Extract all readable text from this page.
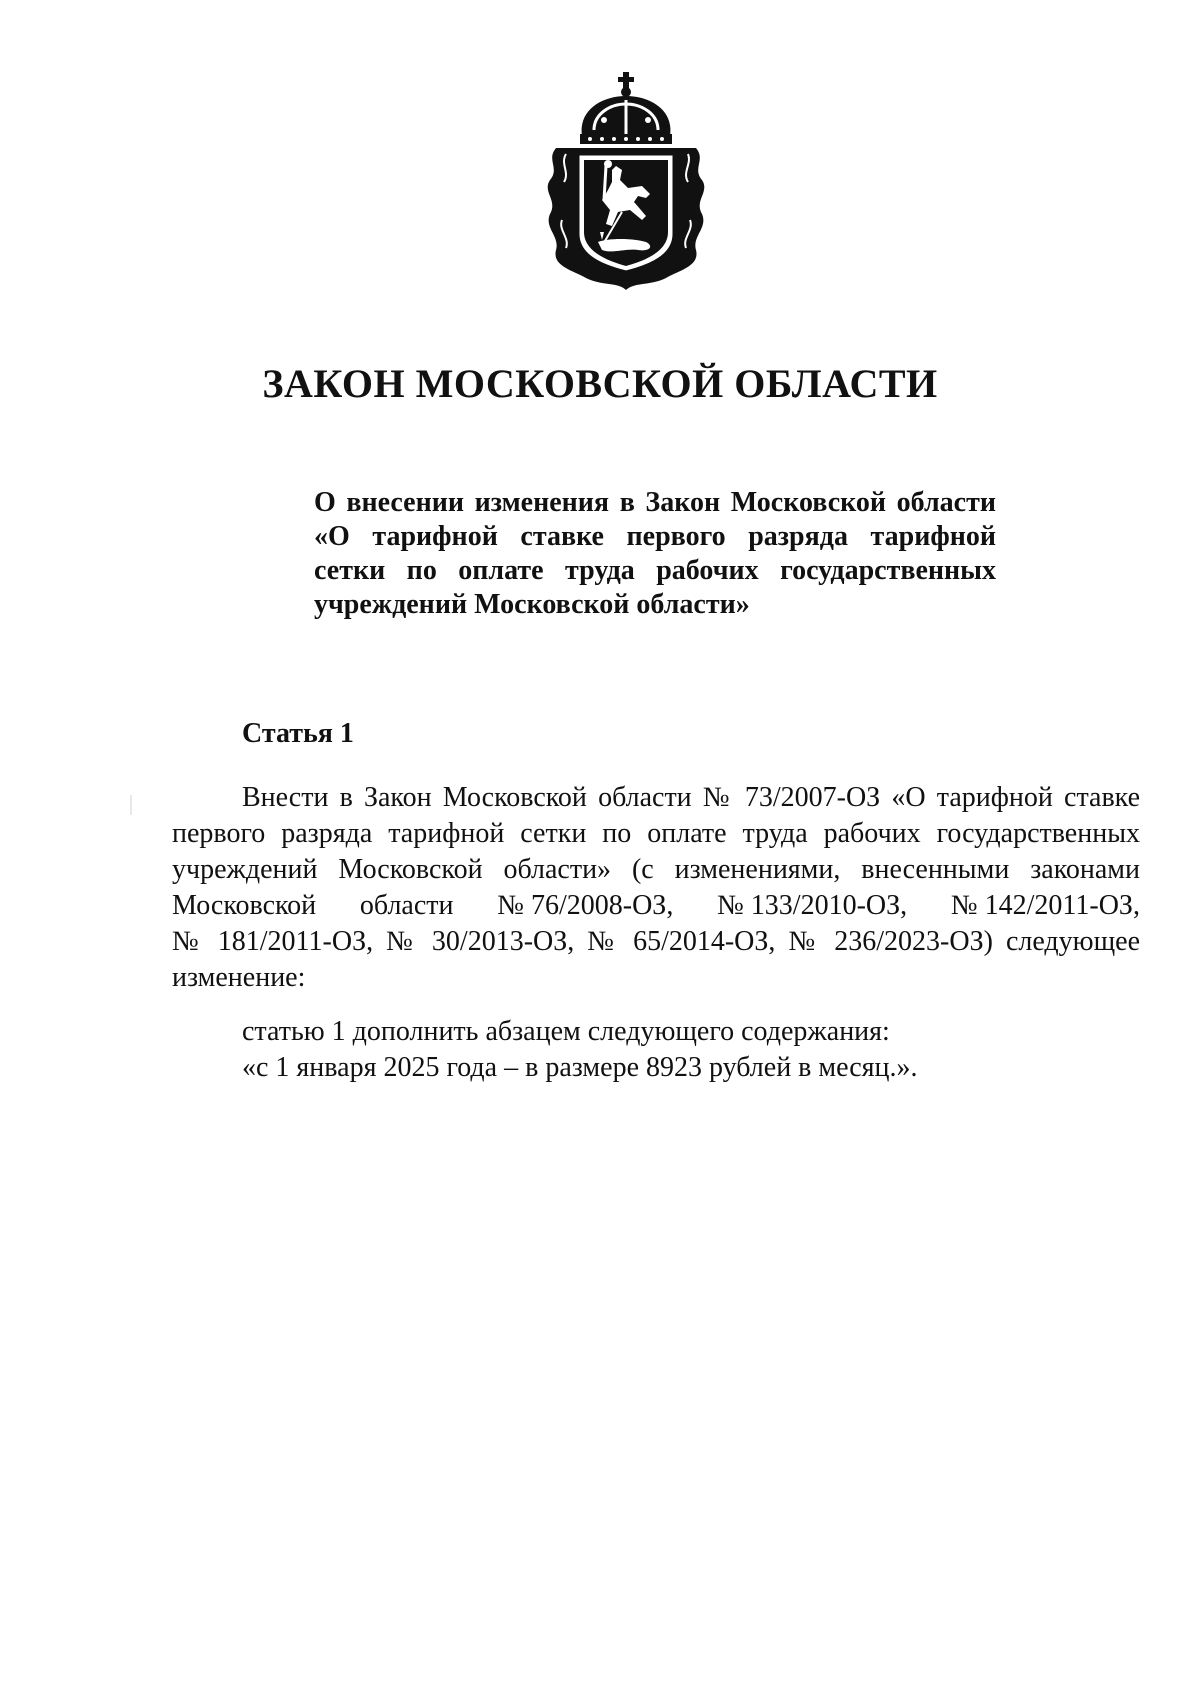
ЗАКОН МОСКОВСКОЙ ОБЛАСТИ
О внесении изменения в Закон Московской области
«О тарифной ставке первого разряда тарифной
сетки по оплате труда рабочих государственных
учреждений Московской области»
Статья 1
Внести в Закон Московской области № 73/2007-ОЗ «О тарифной ставке
первого разряда тарифной сетки по оплате труда рабочих государственных
учреждений Московской области» (с изменениями, внесенными законами
Московской области № 76/2008-ОЗ, № 133/2010-ОЗ, № 142/2011-ОЗ,
№ 181/2011-ОЗ, № 30/2013-ОЗ, № 65/2014-ОЗ, № 236/2023-ОЗ) следующее
изменение:
статью 1 дополнить абзацем следующего содержания:
«с 1 января 2025 года – в размере 8923 рублей в месяц.».
